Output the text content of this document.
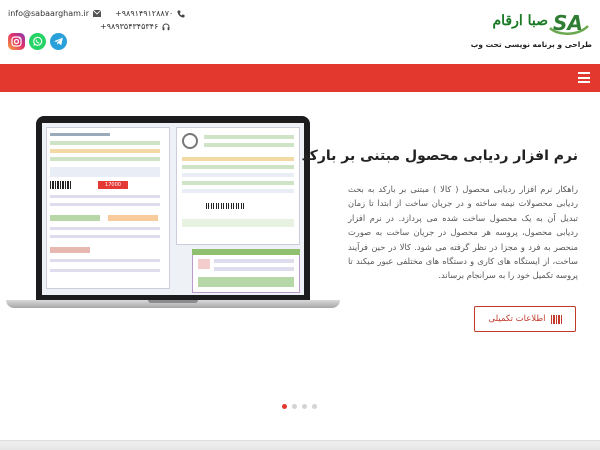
info@sabaargham.ir	+۹۸۹۱۴۹۱۲۸۸۷۰
+۹۸۹۳۵۴۳۴۵۳۴۶	SA
صبا ارقام
طراحی و برنامه نویسی تحت وب
17000
نرم افزار ردیابی محصول مبتنی بر بارکد

راهکار نرم افزار ردیابی محصول ( کالا ) مبتنی بر بارکد به بحث ردیابی محصولات نیمه ساخته و در جریان ساخت از ابتدا تا زمان تبدیل آن به یک محصول ساخت شده می پردازد. در نرم افزار ردیابی محصول، پروسه هر محصول در جریان ساخت به صورت منحصر به فرد و مجزا در نظر گرفته می شود. کالا در حین فرآیند ساخت، از ایستگاه های کاری و دستگاه های مختلفی عبور میکند تا پروسه تکمیل خود را به سرانجام برساند.

اطلاعات تکمیلی
